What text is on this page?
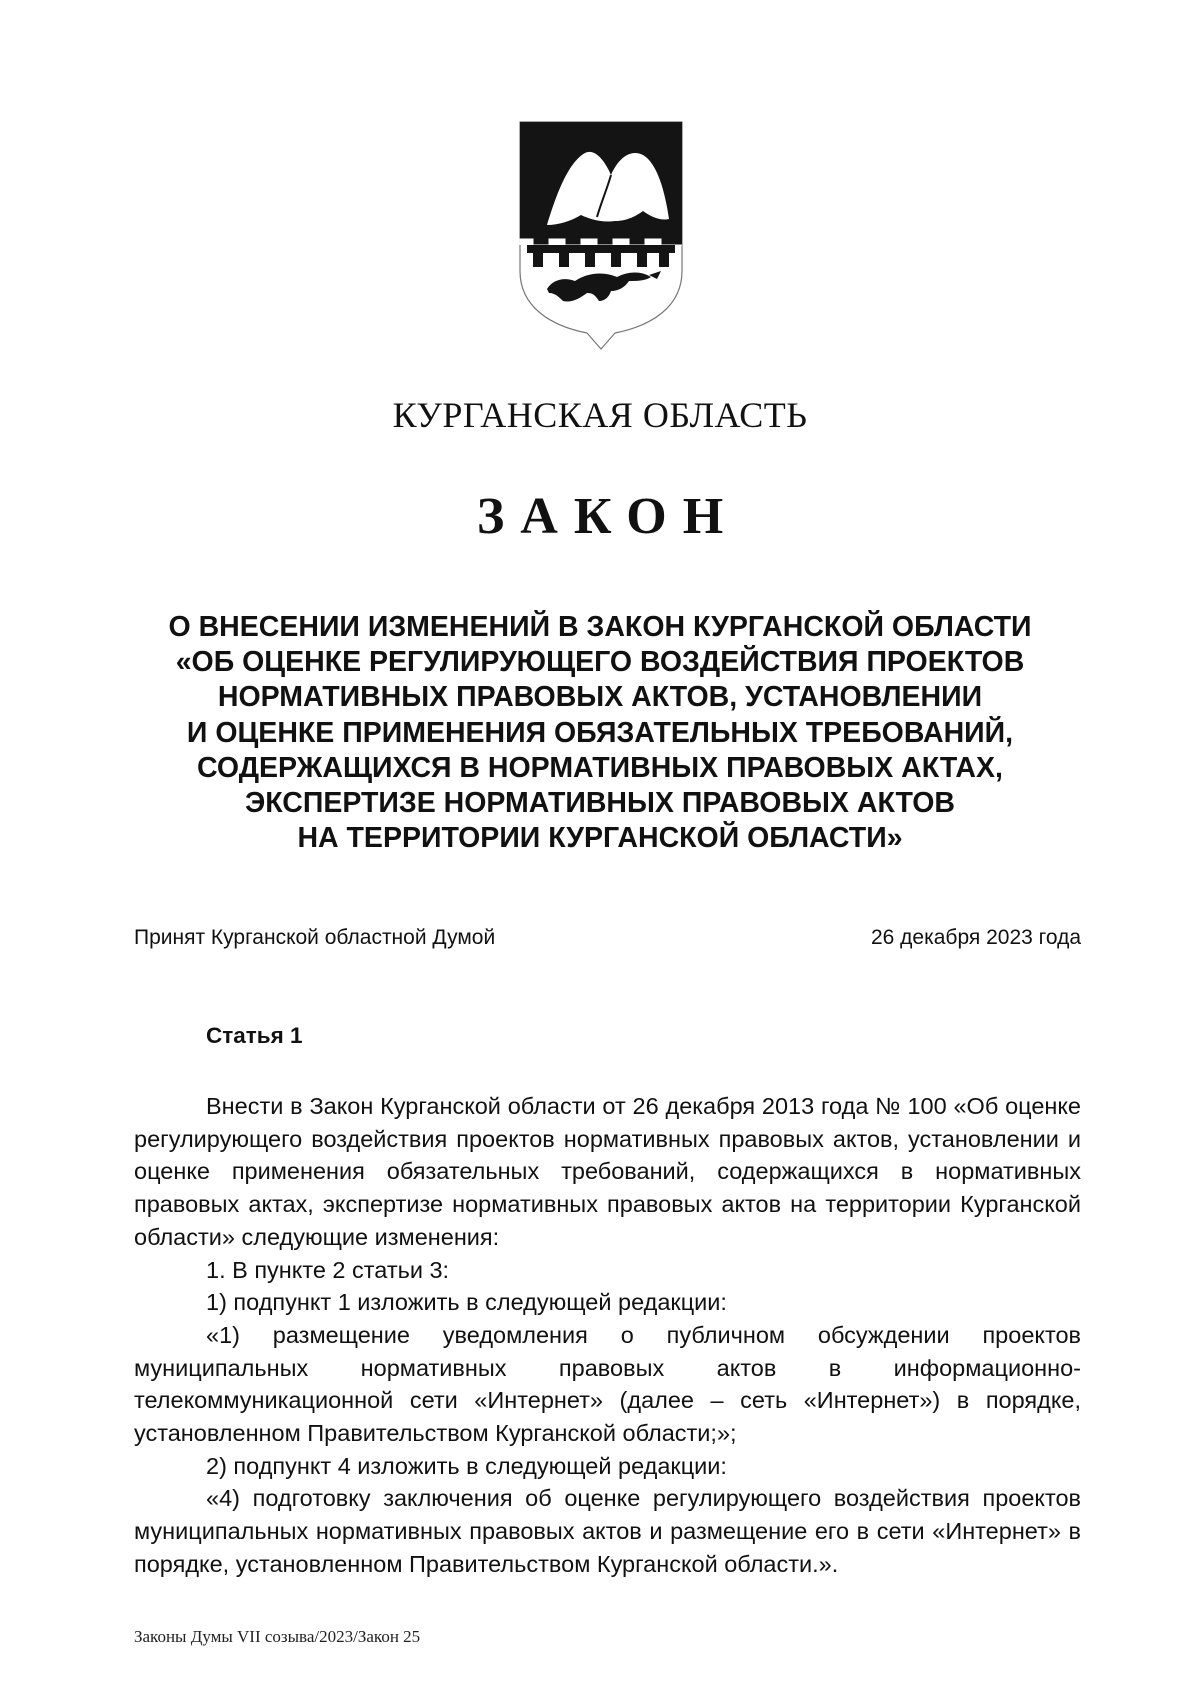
КУРГАНСКАЯ ОБЛАСТЬ
ЗАКОН
О ВНЕСЕНИИ ИЗМЕНЕНИЙ В ЗАКОН КУРГАНСКОЙ ОБЛАСТИ
«ОБ ОЦЕНКЕ РЕГУЛИРУЮЩЕГО ВОЗДЕЙСТВИЯ ПРОЕКТОВ
НОРМАТИВНЫХ ПРАВОВЫХ АКТОВ, УСТАНОВЛЕНИИ
И ОЦЕНКЕ ПРИМЕНЕНИЯ ОБЯЗАТЕЛЬНЫХ ТРЕБОВАНИЙ,
СОДЕРЖАЩИХСЯ В НОРМАТИВНЫХ ПРАВОВЫХ АКТАХ,
ЭКСПЕРТИЗЕ НОРМАТИВНЫХ ПРАВОВЫХ АКТОВ
НА ТЕРРИТОРИИ КУРГАНСКОЙ ОБЛАСТИ»
Принят Курганской областной Думой	26 декабря 2023 года
Статья 1

Внести в Закон Курганской области от 26 декабря 2013 года № 100 «Об оценке регулирующего воздействия проектов нормативных правовых актов, установлении и оценке применения обязательных требований, содержащихся в нормативных правовых актах, экспертизе нормативных правовых актов на территории Курганской области» следующие изменения:

1. В пункте 2 статьи 3:

1) подпункт 1 изложить в следующей редакции:

«1) размещение уведомления о публичном обсуждении проектов муниципальных нормативных правовых актов в информационно-телекоммуникационной сети «Интернет» (далее – сеть «Интернет») в порядке, установленном Правительством Курганской области;»;

2) подпункт 4 изложить в следующей редакции:

«4) подготовку заключения об оценке регулирующего воздействия проектов муниципальных нормативных правовых актов и размещение его в сети «Интернет» в порядке, установленном Правительством Курганской области.».

Законы Думы VII созыва/2023/Закон 25
